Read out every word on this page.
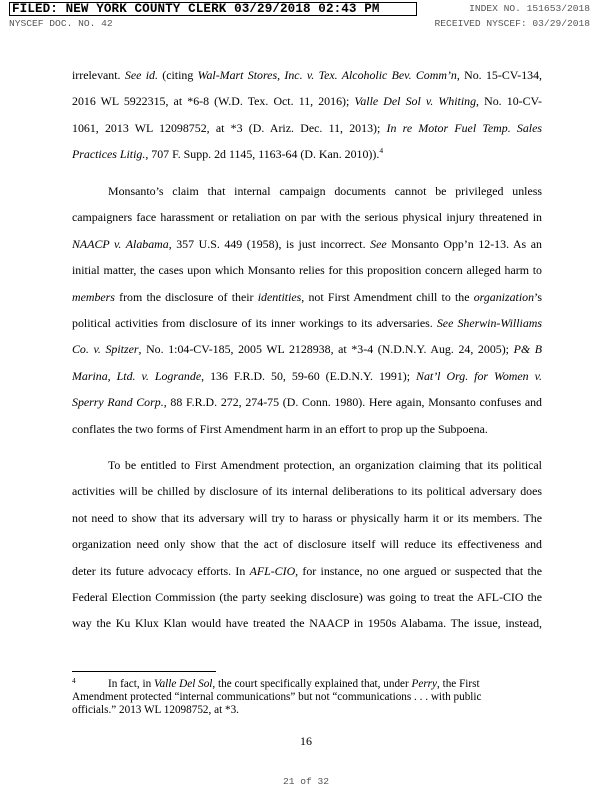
FILED: NEW YORK COUNTY CLERK 03/29/2018 02:43 PM	INDEX NO. 151653/2018
NYSCEF DOC. NO. 42	RECEIVED NYSCEF: 03/29/2018
irrelevant. See id. (citing Wal-Mart Stores, Inc. v. Tex. Alcoholic Bev. Comm’n, No. 15-CV-134,
2016 WL 5922315, at *6-8 (W.D. Tex. Oct. 11, 2016); Valle Del Sol v. Whiting, No. 10-CV-
1061, 2013 WL 12098752, at *3 (D. Ariz. Dec. 11, 2013); In re Motor Fuel Temp. Sales
Practices Litig., 707 F. Supp. 2d 1145, 1163-64 (D. Kan. 2010)).$^4$
Monsanto’s claim that internal campaign documents cannot be privileged unless
campaigners face harassment or retaliation on par with the serious physical injury threatened in
NAACP v. Alabama, 357 U.S. 449 (1958), is just incorrect. See Monsanto Opp’n 12-13. As an
initial matter, the cases upon which Monsanto relies for this proposition concern alleged harm to
members from the disclosure of their identities, not First Amendment chill to the organization’s
political activities from disclosure of its inner workings to its adversaries. See Sherwin-Williams
Co. v. Spitzer, No. 1:04-CV-185, 2005 WL 2128938, at *3-4 (N.D.N.Y. Aug. 24, 2005); P& B
Marina, Ltd. v. Logrande, 136 F.R.D. 50, 59-60 (E.D.N.Y. 1991); Nat’l Org. for Women v.
Sperry Rand Corp., 88 F.R.D. 272, 274-75 (D. Conn. 1980). Here again, Monsanto confuses and
conflates the two forms of First Amendment harm in an effort to prop up the Subpoena.
To be entitled to First Amendment protection, an organization claiming that its political
activities will be chilled by disclosure of its internal deliberations to its political adversary does
not need to show that its adversary will try to harass or physically harm it or its members. The
organization need only show that the act of disclosure itself will reduce its effectiveness and
deter its future advocacy efforts. In AFL-CIO, for instance, no one argued or suspected that the
Federal Election Commission (the party seeking disclosure) was going to treat the AFL-CIO the
way the Ku Klux Klan would have treated the NAACP in 1950s Alabama. The issue, instead,
4	In fact, in Valle Del Sol, the court specifically explained that, under Perry, the First
Amendment protected “internal communications” but not “communications . . . with public
officials.” 2013 WL 12098752, at *3.
16
21 of 32
